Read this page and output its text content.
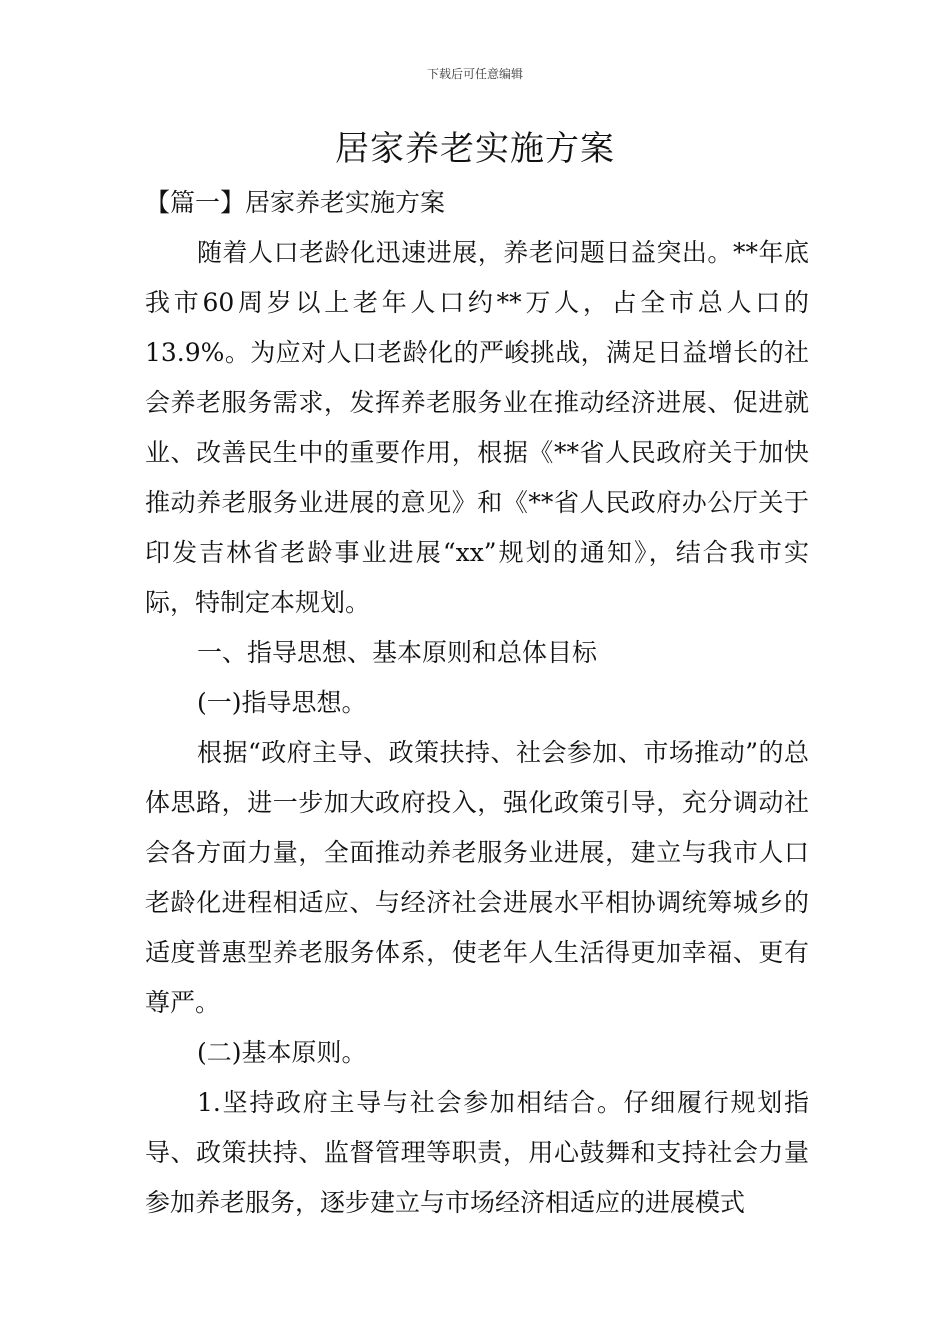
下载后可任意编辑
居家养老实施方案

【篇一】居家养老实施方案

随着人口老龄化迅速进展，养老问题日益突出。**年底我市60周岁以上老年人口约**万人，占全市总人口的13.9%。为应对人口老龄化的严峻挑战，满足日益增长的社会养老服务需求，发挥养老服务业在推动经济进展、促进就业、改善民生中的重要作用，根据《**省人民政府关于加快推动养老服务业进展的意见》和《**省人民政府办公厅关于印发吉林省老龄事业进展“xx”规划的通知》，结合我市实际，特制定本规划。

一、指导思想、基本原则和总体目标

(一)指导思想。

根据“政府主导、政策扶持、社会参加、市场推动”的总体思路，进一步加大政府投入，强化政策引导，充分调动社会各方面力量，全面推动养老服务业进展，建立与我市人口老龄化进程相适应、与经济社会进展水平相协调统筹城乡的适度普惠型养老服务体系，使老年人生活得更加幸福、更有尊严。

(二)基本原则。

1.坚持政府主导与社会参加相结合。仔细履行规划指导、政策扶持、监督管理等职责，用心鼓舞和支持社会力量参加养老服务，逐步建立与市场经济相适应的进展模式
